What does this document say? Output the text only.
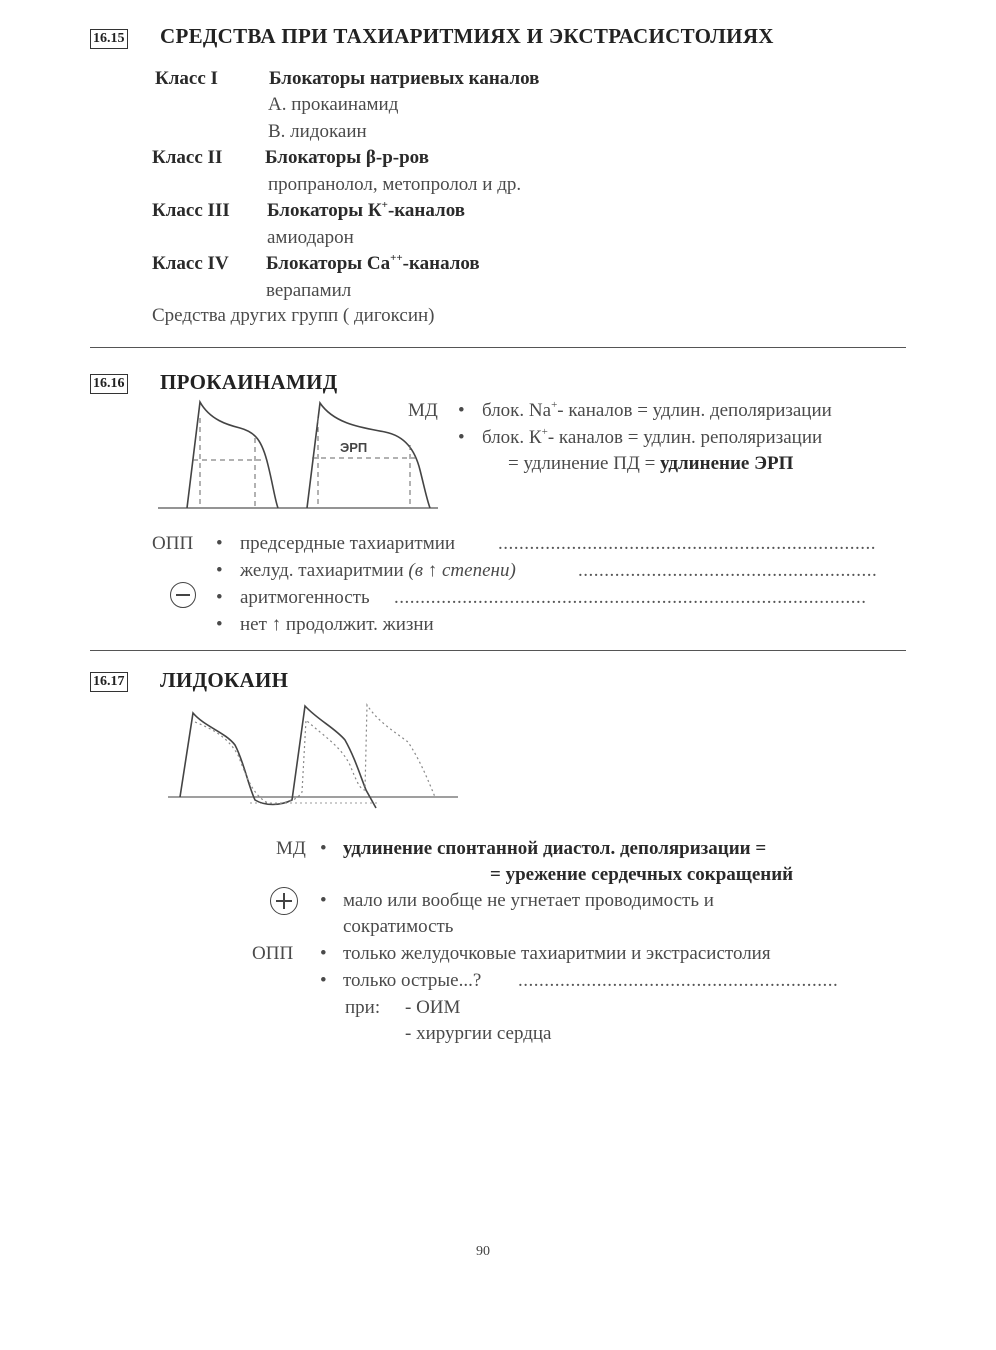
16.15 СРЕДСТВА ПРИ ТАХИАРИТМИЯХ И ЭКСТРАСИСТОЛИЯХ
Класс I	Блокаторы натриевых каналов
А. прокаинамид
В. лидокаин
Класс II Блокаторы β-р-ров
пропранолол, метопролол и др.
Класс III Блокаторы К+-каналов
амиодарон
Класс IV Блокаторы Са++-каналов
верапамил
Средства других групп ( дигоксин)
16.16 ПРОКАИНАМИД
ЭРП
МД • блок. Na+- каналов = удлин. деполяризации
• блок. К+- каналов = удлин. реполяризации
= удлинение ПД = удлинение ЭРП
ОПП • предсердные тахиаритмии ........................................................................
• желуд. тахиаритмии (в ↑ степени)	.........................................................
• аритмогенность ..........................................................................................
• нет ↑ продолжит. жизни
16.17 ЛИДОКАИН
МД • удлинение спонтанной диастол. деполяризации =
= урежение сердечных сокращений
• мало или вообще не угнетает проводимость и
сократимость
ОПП • только желудочковые тахиаритмии и экстрасистолия
• только острые...? .............................................................
при: - ОИМ
- хирургии сердца
90
